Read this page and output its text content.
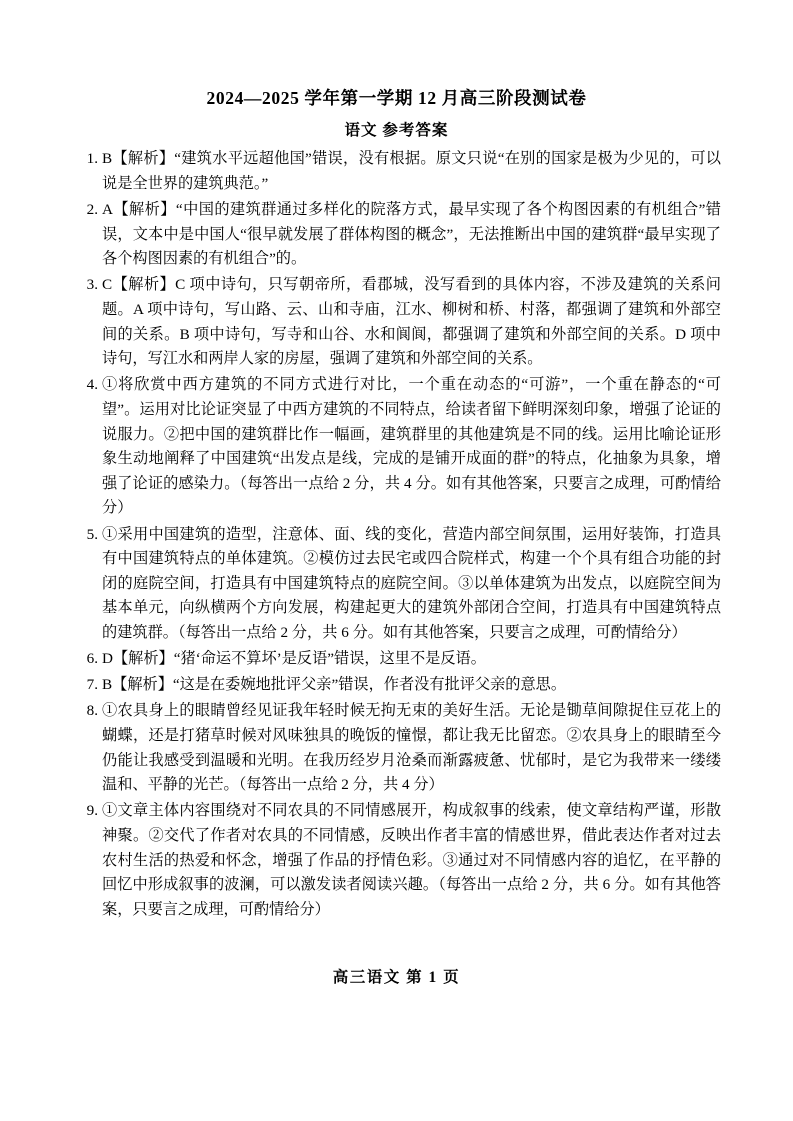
2024—2025 学年第一学期 12 月高三阶段测试卷
语文 参考答案
1. B【解析】“建筑水平远超他国”错误，没有根据。原文只说“在别的国家是极为少见的，可以说是全世界的建筑典范。”
2. A【解析】“中国的建筑群通过多样化的院落方式，最早实现了各个构图因素的有机组合”错误，文本中是中国人“很早就发展了群体构图的概念”，无法推断出中国的建筑群“最早实现了各个构图因素的有机组合”的。
3. C【解析】C 项中诗句，只写朝帝所，看郡城，没写看到的具体内容，不涉及建筑的关系问题。A 项中诗句，写山路、云、山和寺庙，江水、柳树和桥、村落，都强调了建筑和外部空间的关系。B 项中诗句，写寺和山谷、水和阆阆，都强调了建筑和外部空间的关系。D 项中诗句，写江水和两岸人家的房屋，强调了建筑和外部空间的关系。
4. ①将欣赏中西方建筑的不同方式进行对比，一个重在动态的“可游”，一个重在静态的“可望”。运用对比论证突显了中西方建筑的不同特点，给读者留下鲜明深刻印象，增强了论证的说服力。②把中国的建筑群比作一幅画，建筑群里的其他建筑是不同的线。运用比喻论证形象生动地阐释了中国建筑“出发点是线，完成的是铺开成面的群”的特点，化抽象为具象，增强了论证的感染力。（每答出一点给 2 分，共 4 分。如有其他答案，只要言之成理，可酌情给分）
5. ①采用中国建筑的造型，注意体、面、线的变化，营造内部空间氛围，运用好装饰，打造具有中国建筑特点的单体建筑。②模仿过去民宅或四合院样式，构建一个个具有组合功能的封闭的庭院空间，打造具有中国建筑特点的庭院空间。③以单体建筑为出发点，以庭院空间为基本单元，向纵横两个方向发展，构建起更大的建筑外部闭合空间，打造具有中国建筑特点的建筑群。（每答出一点给 2 分，共 6 分。如有其他答案，只要言之成理，可酌情给分）
6. D【解析】“猪‘命运不算坏’是反语”错误，这里不是反语。
7. B【解析】“这是在委婉地批评父亲”错误，作者没有批评父亲的意思。
8. ①农具身上的眼睛曾经见证我年轻时候无拘无束的美好生活。无论是锄草间隙捉住豆花上的蝴蝶，还是打猪草时候对风味独具的晚饭的憧憬，都让我无比留恋。②农具身上的眼睛至今仍能让我感受到温暖和光明。在我历经岁月沧桑而渐露疲惫、忧郁时，是它为我带来一缕缕温和、平静的光芒。（每答出一点给 2 分，共 4 分）
9. ①文章主体内容围绕对不同农具的不同情感展开，构成叙事的线索，使文章结构严谨，形散神聚。②交代了作者对农具的不同情感，反映出作者丰富的情感世界，借此表达作者对过去农村生活的热爱和怀念，增强了作品的抒情色彩。③通过对不同情感内容的追忆，在平静的回忆中形成叙事的波澜，可以激发读者阅读兴趣。（每答出一点给 2 分，共 6 分。如有其他答案，只要言之成理，可酌情给分）
高三语文 第 1 页
